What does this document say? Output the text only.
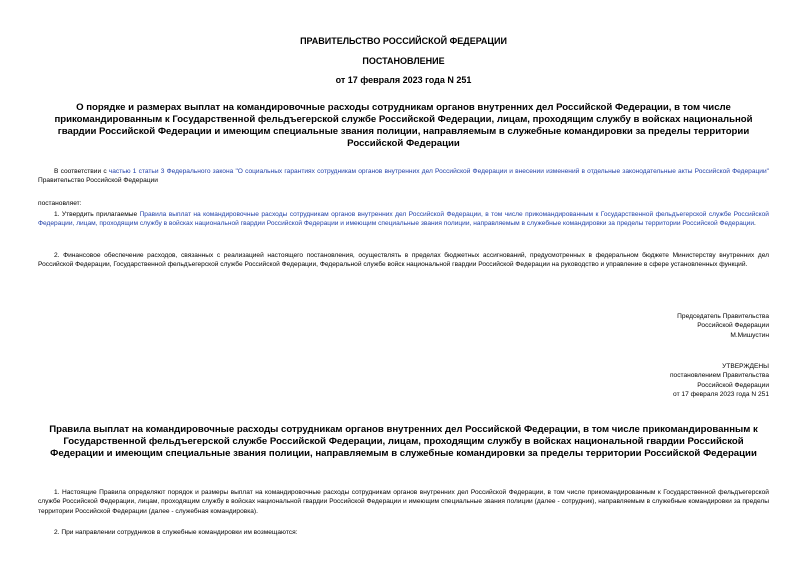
ПРАВИТЕЛЬСТВО РОССИЙСКОЙ ФЕДЕРАЦИИ
ПОСТАНОВЛЕНИЕ
от 17 февраля 2023 года N 251
О порядке и размерах выплат на командировочные расходы сотрудникам органов внутренних дел Российской Федерации, в том числе прикомандированным к Государственной фельдъегерской службе Российской Федерации, лицам, проходящим службу в войсках национальной гвардии Российской Федерации и имеющим специальные звания полиции, направляемым в служебные командировки за пределы территории Российской Федерации
В соответствии с частью 1 статьи 3 Федерального закона "О социальных гарантиях сотрудникам органов внутренних дел Российской Федерации и внесении изменений в отдельные законодательные акты Российской Федерации" Правительство Российской Федерации
постановляет:
1. Утвердить прилагаемые Правила выплат на командировочные расходы сотрудникам органов внутренних дел Российской Федерации, в том числе прикомандированным к Государственной фельдъегерской службе Российской Федерации, лицам, проходящим службу в войсках национальной гвардии Российской Федерации и имеющим специальные звания полиции, направляемым в служебные командировки за пределы территории Российской Федерации.
2. Финансовое обеспечение расходов, связанных с реализацией настоящего постановления, осуществлять в пределах бюджетных ассигнований, предусмотренных в федеральном бюджете Министерству внутренних дел Российской Федерации, Государственной фельдъегерской службе Российской Федерации, Федеральной службе войск национальной гвардии Российской Федерации на руководство и управление в сфере установленных функций.
Председатель Правительства
Российской Федерации
М.Мишустин
УТВЕРЖДЕНЫ
постановлением Правительства
Российской Федерации
от 17 февраля 2023 года N 251
Правила выплат на командировочные расходы сотрудникам органов внутренних дел Российской Федерации, в том числе прикомандированным к Государственной фельдъегерской службе Российской Федерации, лицам, проходящим службу в войсках национальной гвардии Российской Федерации и имеющим специальные звания полиции, направляемым в служебные командировки за пределы территории Российской Федерации
1. Настоящие Правила определяют порядок и размеры выплат на командировочные расходы сотрудникам органов внутренних дел Российской Федерации, в том числе прикомандированным к Государственной фельдъегерской службе Российской Федерации, лицам, проходящим службу в войсках национальной гвардии Российской Федерации и имеющим специальные звания полиции (далее - сотрудник), направляемым в служебные командировки за пределы территории Российской Федерации (далее - служебная командировка).
2. При направлении сотрудников в служебные командировки им возмещаются:
